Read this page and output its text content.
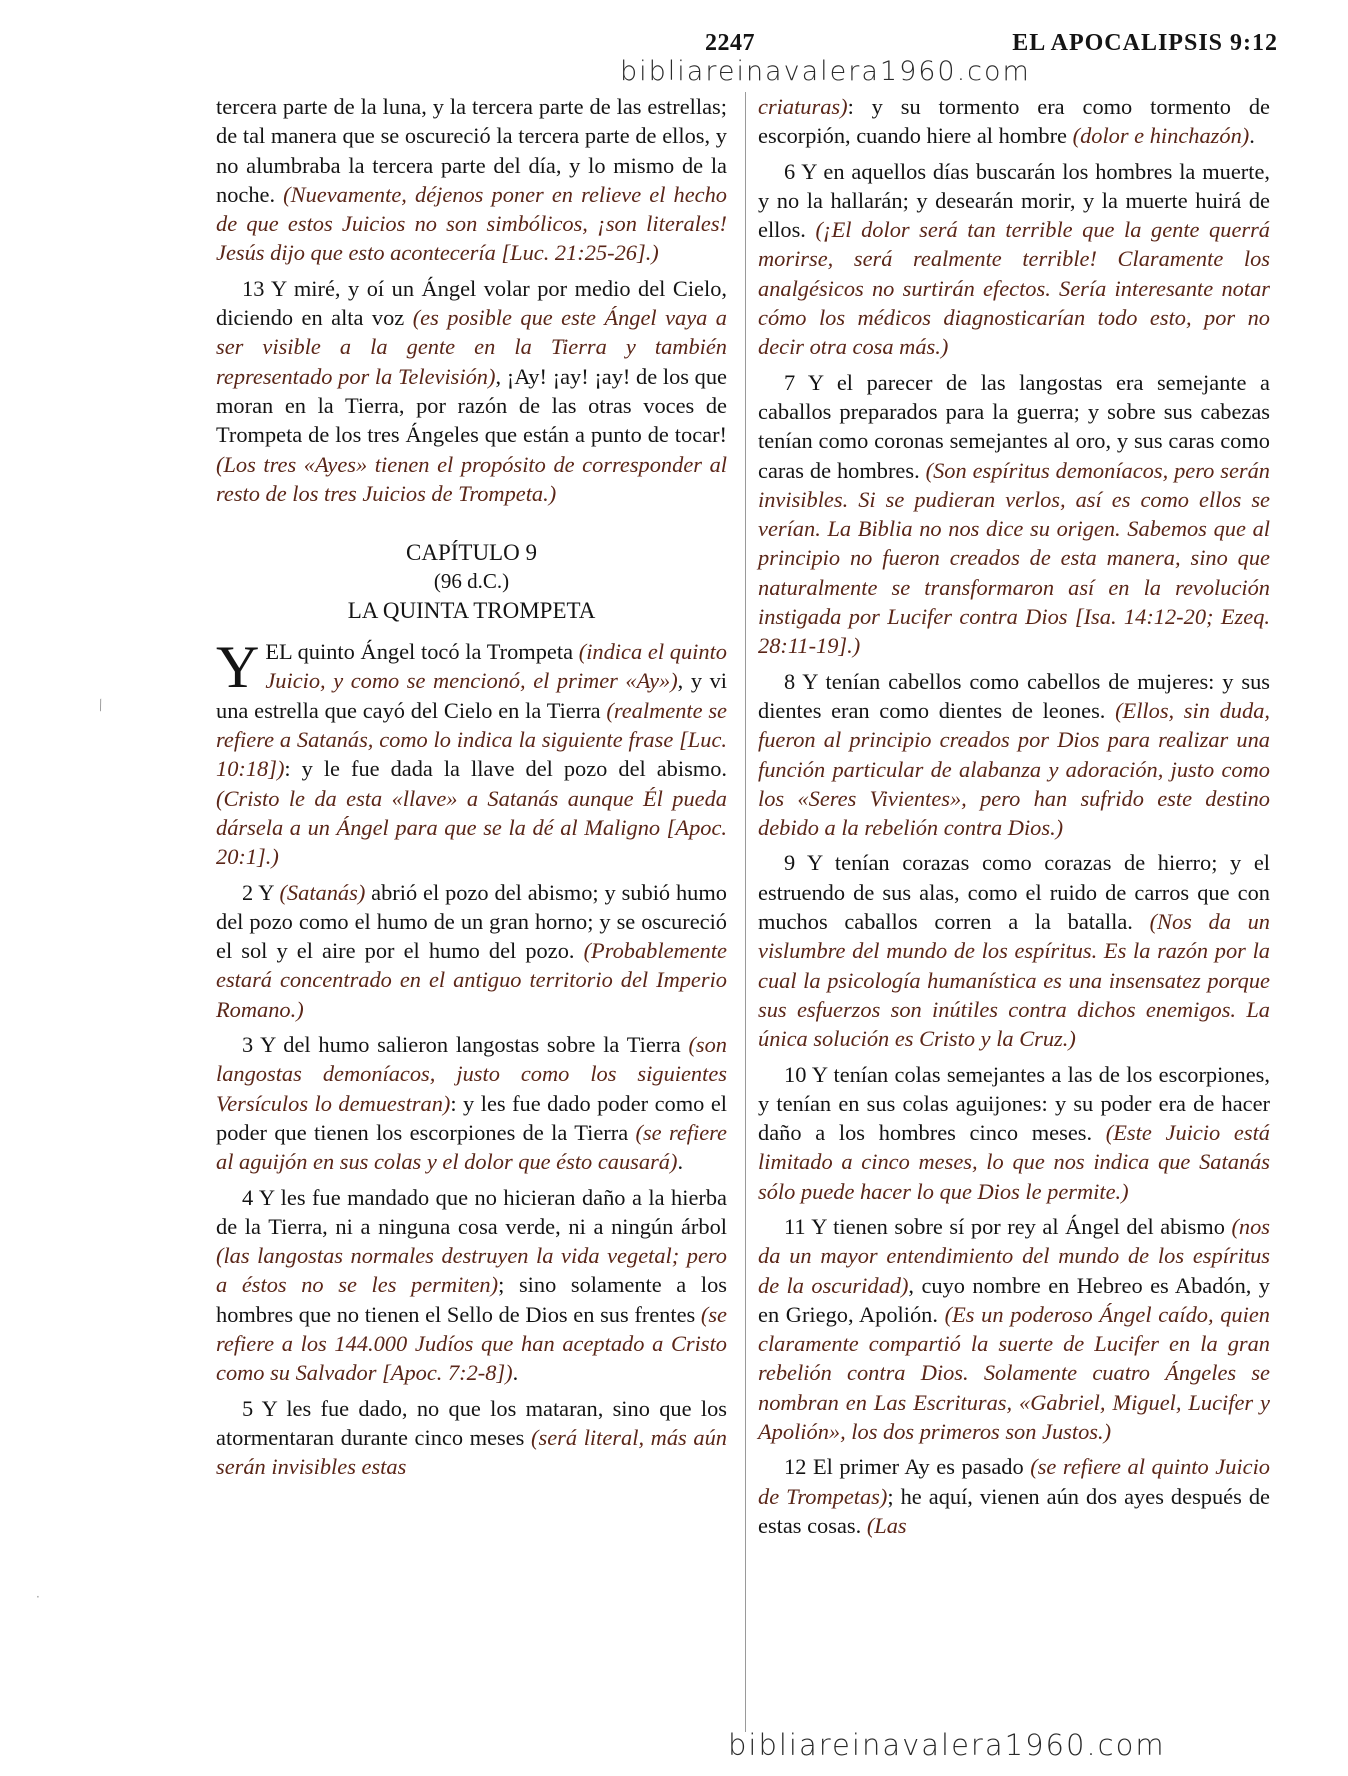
2247	EL APOCALIPSIS 9:12
bibliareinavalera1960.com

tercera parte de la luna, y la tercera parte de las estrellas; de tal manera que se oscureció la tercera parte de ellos, y no alumbraba la tercera parte del día, y lo mismo de la noche. (Nuevamente, déjenos poner en relieve el hecho de que estos Juicios no son simbólicos, ¡son literales! Jesús dijo que esto acontecería [Luc. 21:25-26].)

13 Y miré, y oí un Ángel volar por medio del Cielo, diciendo en alta voz (es posible que este Ángel vaya a ser visible a la gente en la Tierra y también representado por la Televisión), ¡Ay! ¡ay! ¡ay! de los que moran en la Tierra, por razón de las otras voces de Trompeta de los tres Ángeles que están a punto de tocar! (Los tres «Ayes» tienen el propósito de corresponder al resto de los tres Juicios de Trompeta.)

CAPÍTULO 9
(96 d.C.)
LA QUINTA TROMPETA

YEL quinto Ángel tocó la Trompeta (indica el quinto Juicio, y como se mencionó, el primer «Ay»), y vi una estrella que cayó del Cielo en la Tierra (realmente se refiere a Satanás, como lo indica la siguiente frase [Luc. 10:18]): y le fue dada la llave del pozo del abismo. (Cristo le da esta «llave» a Satanás aunque Él pueda dársela a un Ángel para que se la dé al Maligno [Apoc. 20:1].)

2 Y (Satanás) abrió el pozo del abismo; y subió humo del pozo como el humo de un gran horno; y se oscureció el sol y el aire por el humo del pozo. (Probablemente estará concentrado en el antiguo territorio del Imperio Romano.)

3 Y del humo salieron langostas sobre la Tierra (son langostas demoníacos, justo como los siguientes Versículos lo demuestran): y les fue dado poder como el poder que tienen los escorpiones de la Tierra (se refiere al aguijón en sus colas y el dolor que ésto causará).

4 Y les fue mandado que no hicieran daño a la hierba de la Tierra, ni a ninguna cosa verde, ni a ningún árbol (las langostas normales destruyen la vida vegetal; pero a éstos no se les permiten); sino solamente a los hombres que no tienen el Sello de Dios en sus frentes (se refiere a los 144.000 Judíos que han aceptado a Cristo como su Salvador [Apoc. 7:2-8]).

5 Y les fue dado, no que los mataran, sino que los atormentaran durante cinco meses (será literal, más aún serán invisibles estas

criaturas): y su tormento era como tormento de escorpión, cuando hiere al hombre (dolor e hinchazón).

6 Y en aquellos días buscarán los hombres la muerte, y no la hallarán; y desearán morir, y la muerte huirá de ellos. (¡El dolor será tan terrible que la gente querrá morirse, será realmente terrible! Claramente los analgésicos no surtirán efectos. Sería interesante notar cómo los médicos diagnosticarían todo esto, por no decir otra cosa más.)

7 Y el parecer de las langostas era semejante a caballos preparados para la guerra; y sobre sus cabezas tenían como coronas semejantes al oro, y sus caras como caras de hombres. (Son espíritus demoníacos, pero serán invisibles. Si se pudieran verlos, así es como ellos se verían. La Biblia no nos dice su origen. Sabemos que al principio no fueron creados de esta manera, sino que naturalmente se transformaron así en la revolución instigada por Lucifer contra Dios [Isa. 14:12-20; Ezeq. 28:11-19].)

8 Y tenían cabellos como cabellos de mujeres: y sus dientes eran como dientes de leones. (Ellos, sin duda, fueron al principio creados por Dios para realizar una función particular de alabanza y adoración, justo como los «Seres Vivientes», pero han sufrido este destino debido a la rebelión contra Dios.)

9 Y tenían corazas como corazas de hierro; y el estruendo de sus alas, como el ruido de carros que con muchos caballos corren a la batalla. (Nos da un vislumbre del mundo de los espíritus. Es la razón por la cual la psicología humanística es una insensatez porque sus esfuerzos son inútiles contra dichos enemigos. La única solución es Cristo y la Cruz.)

10 Y tenían colas semejantes a las de los escorpiones, y tenían en sus colas aguijones: y su poder era de hacer daño a los hombres cinco meses. (Este Juicio está limitado a cinco meses, lo que nos indica que Satanás sólo puede hacer lo que Dios le permite.)

11 Y tienen sobre sí por rey al Ángel del abismo (nos da un mayor entendimiento del mundo de los espíritus de la oscuridad), cuyo nombre en Hebreo es Abadón, y en Griego, Apolión. (Es un poderoso Ángel caído, quien claramente compartió la suerte de Lucifer en la gran rebelión contra Dios. Solamente cuatro Ángeles se nombran en Las Escrituras, «Gabriel, Miguel, Lucifer y Apolión», los dos primeros son Justos.)

12 El primer Ay es pasado (se refiere al quinto Juicio de Trompetas); he aquí, vienen aún dos ayes después de estas cosas. (Las

bibliareinavalera1960.com
⁄
·
